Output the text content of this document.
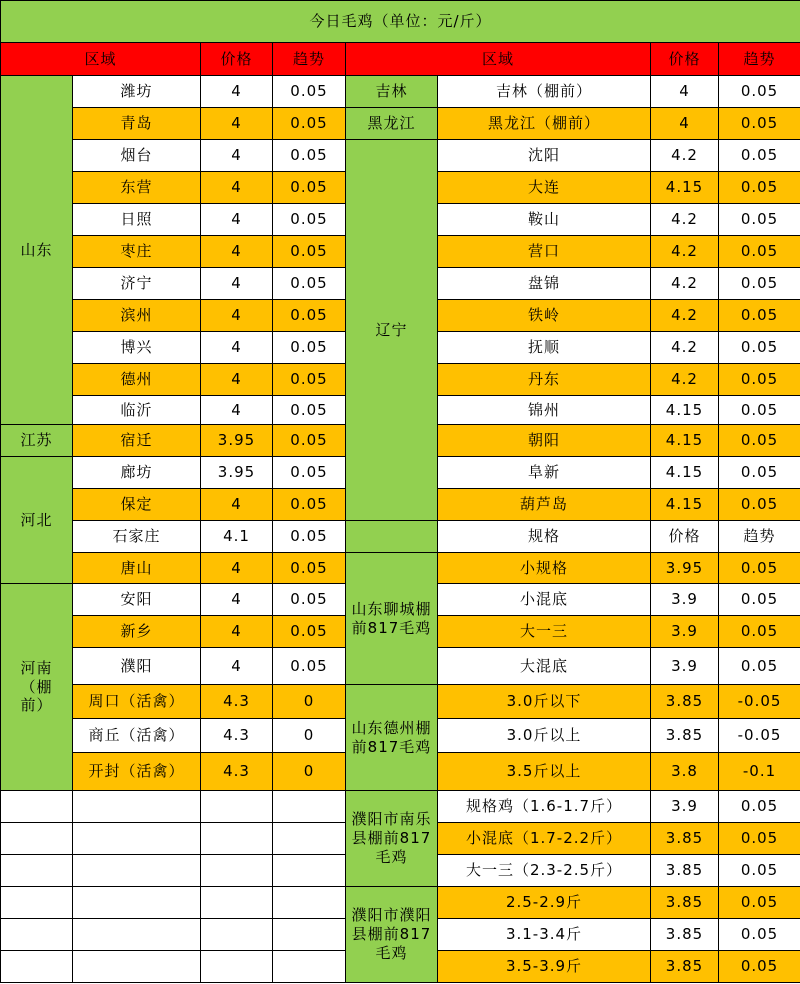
今日毛鸡（单位：元/斤）							
区域		价格	趋势	区域		价格	趋势
山东	潍坊	4	0.05	吉林	吉林（棚前）	4	0.05
	青岛	4	0.05	黑龙江	黑龙江（棚前）	4	0.05
	烟台	4	0.05	辽宁	沈阳	4.2	0.05
	东营	4	0.05		大连	4.15	0.05
	日照	4	0.05		鞍山	4.2	0.05
	枣庄	4	0.05		营口	4.2	0.05
	济宁	4	0.05		盘锦	4.2	0.05
	滨州	4	0.05		铁岭	4.2	0.05
	博兴	4	0.05		抚顺	4.2	0.05
	德州	4	0.05		丹东	4.2	0.05
	临沂	4	0.05		锦州	4.15	0.05
江苏	宿迁	3.95	0.05		朝阳	4.15	0.05
河北	廊坊	3.95	0.05		阜新	4.15	0.05
	保定	4	0.05		葫芦岛	4.15	0.05
	石家庄	4.1	0.05		规格	价格	趋势
	唐山	4	0.05	山东聊城棚前817毛鸡	小规格	3.95	0.05
河南（棚前）	安阳	4	0.05		小混底	3.9	0.05
	新乡	4	0.05		大一三	3.9	0.05
	濮阳	4	0.05		大混底	3.9	0.05
	周口（活禽）	4.3	0	山东德州棚前817毛鸡	3.0斤以下	3.85	-0.05
	商丘（活禽）	4.3	0		3.0斤以上	3.85	-0.05
	开封（活禽）	4.3	0		3.5斤以上	3.8	-0.1
				濮阳市南乐县棚前817毛鸡	规格鸡（1.6-1.7斤）	3.9	0.05
					小混底（1.7-2.2斤）	3.85	0.05
					大一三（2.3-2.5斤）	3.85	0.05
				濮阳市濮阳县棚前817毛鸡	2.5-2.9斤	3.85	0.05
					3.1-3.4斤	3.85	0.05
					3.5-3.9斤	3.85	0.05
